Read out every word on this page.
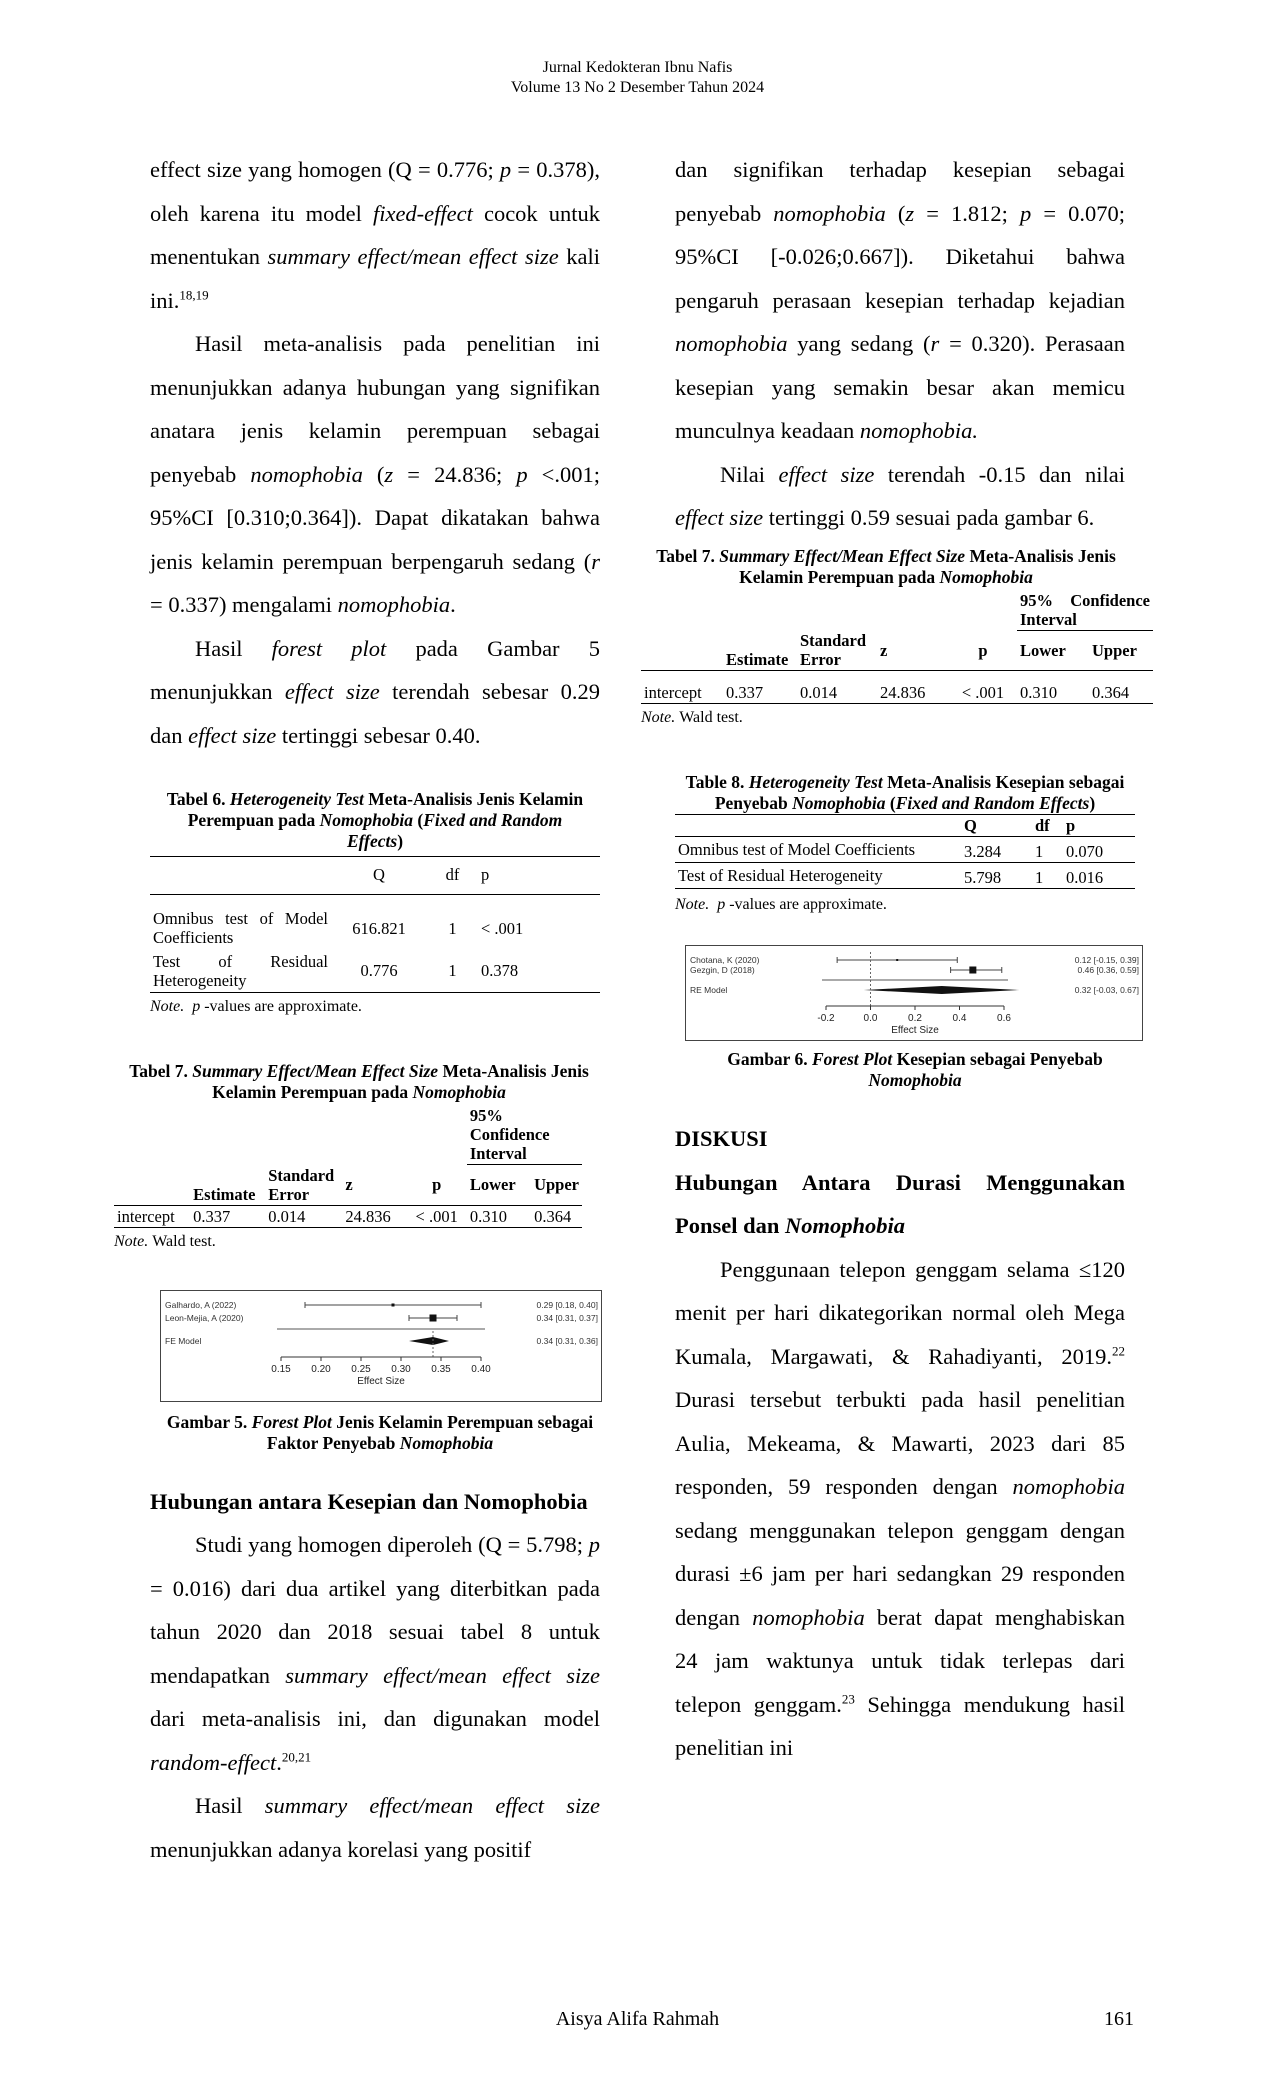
Jurnal Kedokteran Ibnu Nafis
Volume 13 No 2 Desember Tahun 2024

effect size yang homogen (Q = 0.776; p = 0.378), oleh karena itu model fixed-effect cocok untuk menentukan summary effect/mean effect size kali ini.$^{18,19}$

Hasil meta-analisis pada penelitian ini menunjukkan adanya hubungan yang signifikan anatara jenis kelamin perempuan sebagai penyebab nomophobia (z = 24.836; p <.001; 95%CI [0.310;0.364]). Dapat dikatakan bahwa jenis kelamin perempuan berpengaruh sedang (r = 0.337) mengalami nomophobia.

Hasil forest plot pada Gambar 5 menunjukkan effect size terendah sebesar 0.29 dan effect size tertinggi sebesar 0.40.

Tabel 6. Heterogeneity Test Meta-Analisis Jenis Kelamin Perempuan pada Nomophobia (Fixed and Random Effects)

	Q	df	p
Omnibus test of Model Coefficients	616.821	1	< .001
Test of Residual Heterogeneity	0.776	1	0.378
Note. p -values are approximate.

Tabel 7. Summary Effect/Mean Effect Size Meta-Analisis Jenis Kelamin Perempuan pada Nomophobia

					95% Confidence Interval	
	Estimate	Standard Error	z	p	Lower	Upper
intercept	0.337	0.014	24.836	< .001	0.310	0.364
Note. Wald test.
Galhardo, A (2022)	0.29 [0.18, 0.40]
Leon-Mejia, A (2020)	0.34 [0.31, 0.37]
FE Model	0.34 [0.31, 0.36]
0.15 0.20 0.25 0.30 0.35 0.40
Effect Size

Gambar 5. Forest Plot Jenis Kelamin Perempuan sebagai Faktor Penyebab Nomophobia

Hubungan antara Kesepian dan Nomophobia

Studi yang homogen diperoleh (Q = 5.798; p = 0.016) dari dua artikel yang diterbitkan pada tahun 2020 dan 2018 sesuai tabel 8 untuk mendapatkan summary effect/mean effect size dari meta-analisis ini, dan digunakan model random-effect.$^{20,21}$

Hasil summary effect/mean effect size menunjukkan adanya korelasi yang positif

dan signifikan terhadap kesepian sebagai penyebab nomophobia (z = 1.812; p = 0.070; 95%CI [-0.026;0.667]). Diketahui bahwa pengaruh perasaan kesepian terhadap kejadian nomophobia yang sedang (r = 0.320). Perasaan kesepian yang semakin besar akan memicu munculnya keadaan nomophobia.

Nilai effect size terendah -0.15 dan nilai effect size tertinggi 0.59 sesuai pada gambar 6.

Tabel 7. Summary Effect/Mean Effect Size Meta-Analisis Jenis Kelamin Perempuan pada Nomophobia

					95% Confidence Interval	
	Estimate	Standard Error	z	p	Lower	Upper
intercept	0.337	0.014	24.836	< .001	0.310	0.364
Note. Wald test.

Table 8. Heterogeneity Test Meta-Analisis Kesepian sebagai Penyebab Nomophobia (Fixed and Random Effects)

	Q	df	p
Omnibus test of Model Coefficients	3.284	1	0.070
Test of Residual Heterogeneity	5.798	1	0.016
Note. p -values are approximate.
Chotana, K (2020)	0.12 [-0.15, 0.39]
Gezgin, D (2018)	0.46 [0.36, 0.59]
RE Model	0.32 [-0.03, 0.67]
-0.2	0.0	0.2	0.4	0.6
Effect Size

Gambar 6. Forest Plot Kesepian sebagai Penyebab Nomophobia

DISKUSI

Hubungan Antara Durasi Menggunakan Ponsel dan Nomophobia

Penggunaan telepon genggam selama ≤120 menit per hari dikategorikan normal oleh Mega Kumala, Margawati, & Rahadiyanti, 2019.22 Durasi tersebut terbukti pada hasil penelitian Aulia, Mekeama, & Mawarti, 2023 dari 85 responden, 59 responden dengan nomophobia sedang menggunakan telepon genggam dengan durasi ±6 jam per hari sedangkan 29 responden dengan nomophobia berat dapat menghabiskan 24 jam waktunya untuk tidak terlepas dari telepon genggam.$^{23}$ Sehingga mendukung hasil penelitian ini

Aisya Alifa Rahmah	161
